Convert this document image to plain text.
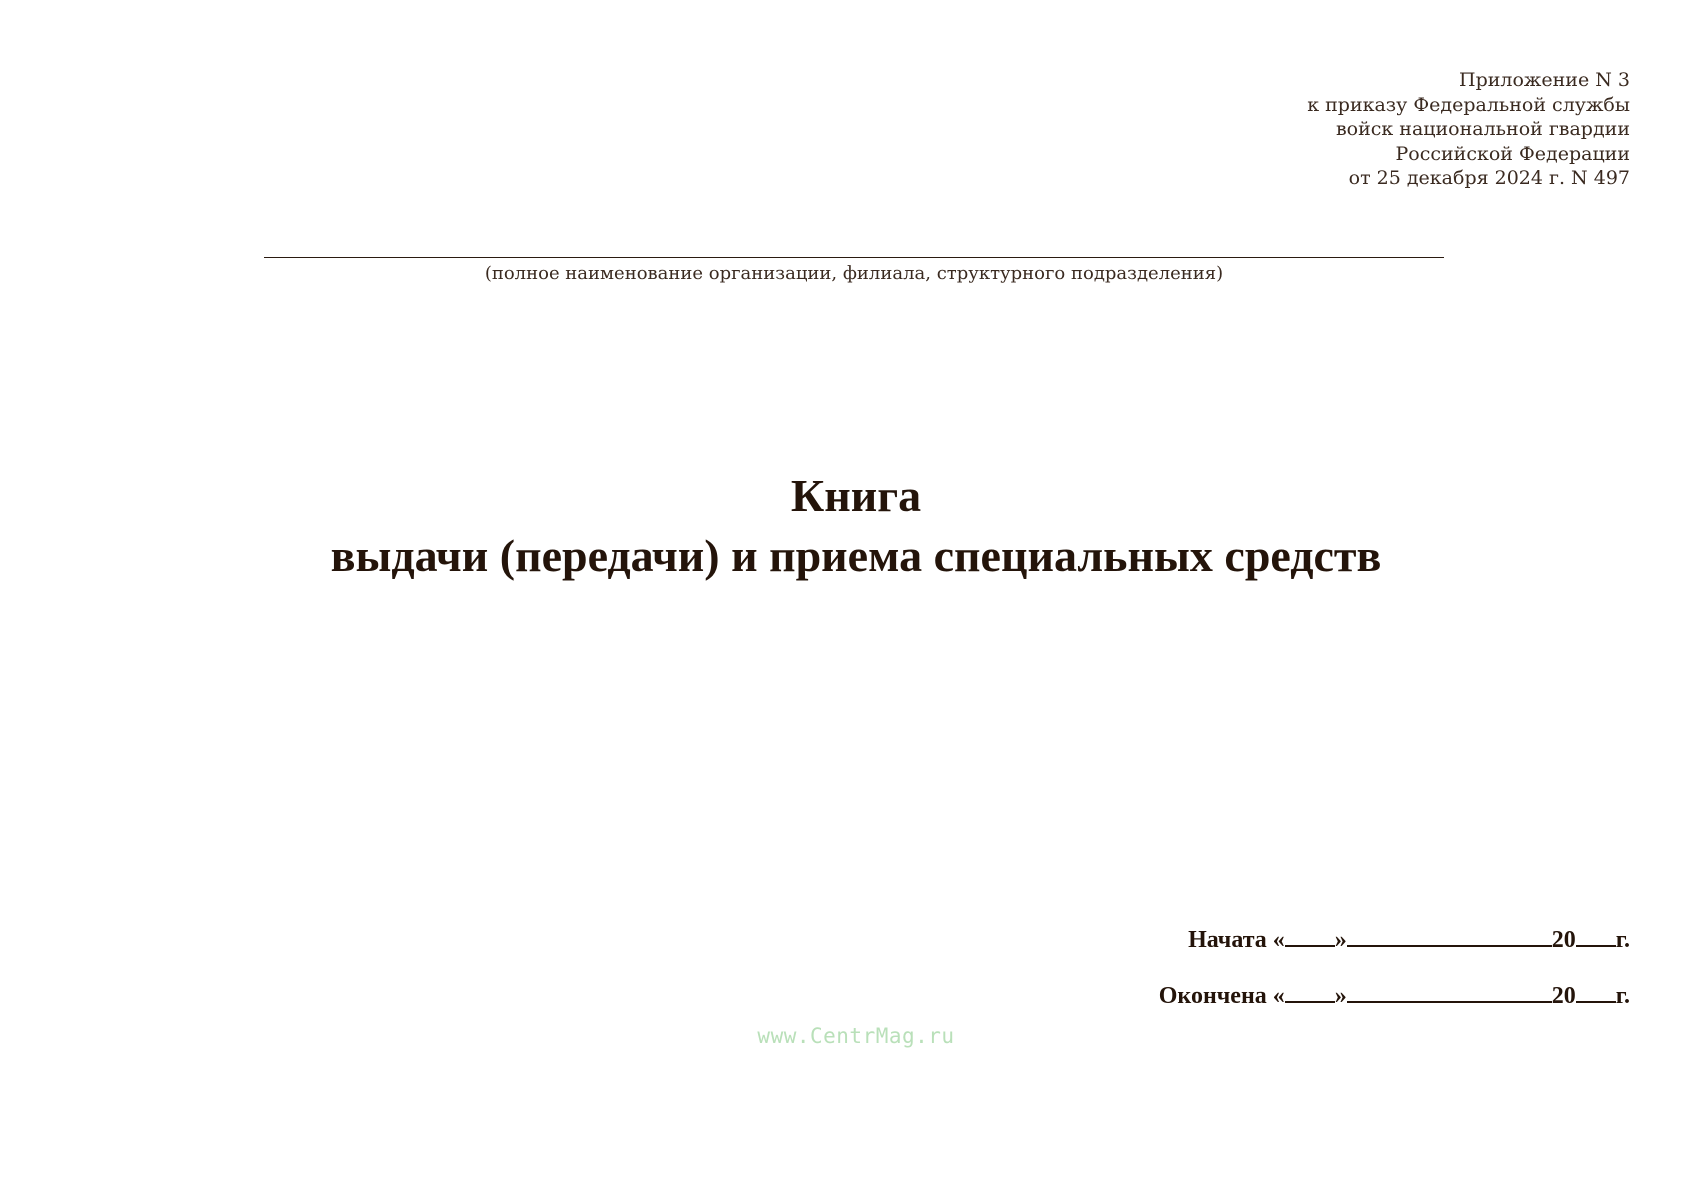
Приложение N 3
к приказу Федеральной службы
войск национальной гвардии
Российской Федерации
от 25 декабря 2024 г. N 497
(полное наименование организации, филиала, структурного подразделения)
Книга
выдачи (передачи) и приема специальных средств
Начата « »	20 г.
Окончена « »	20 г.
www.CentrMag.ru
